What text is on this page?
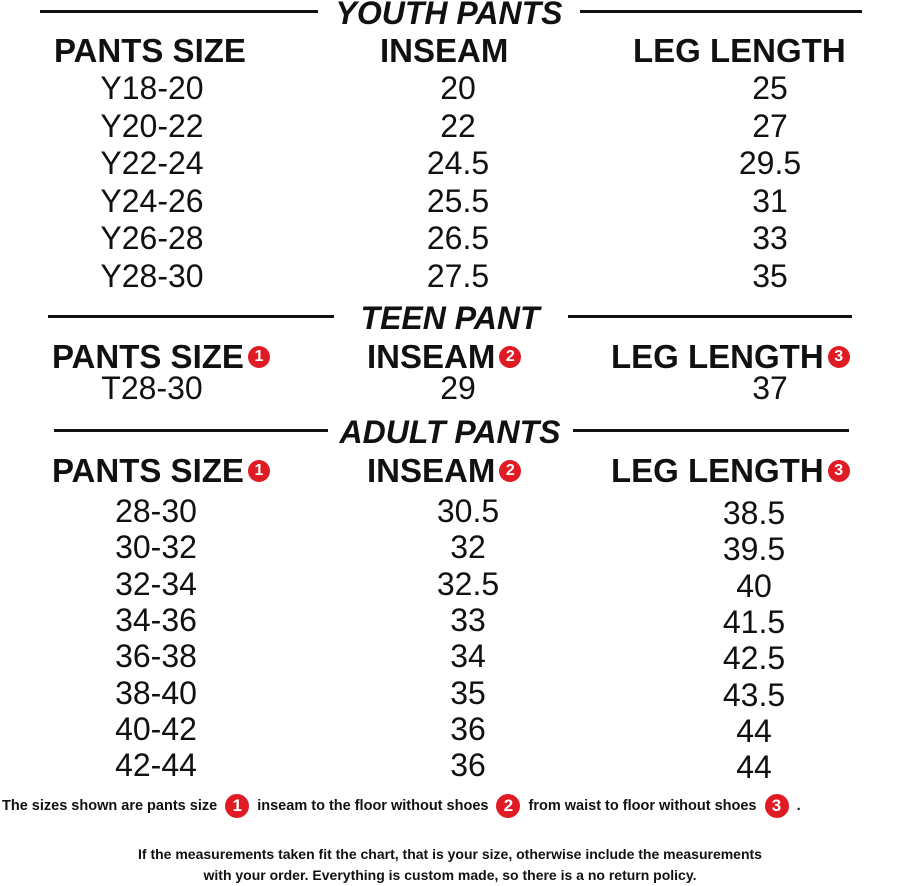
YOUTH PANTS
PANTS SIZE	INSEAM	LEG LENGTH
Y18-20	20	25
Y20-22	22	27
Y22-24	24.5	29.5
Y24-26	25.5	31
Y26-28	26.5	33
Y28-30	27.5	35
TEEN PANT
PANTS SIZE 1	INSEAM 2	LEG LENGTH 3
T28-30	29	37
ADULT PANTS
PANTS SIZE 1	INSEAM 2	LEG LENGTH 3
28-30	30.5	38.5
30-32	32	39.5
32-34	32.5	40
34-36	33	41.5
36-38	34	42.5
38-40	35	43.5
40-42	36	44
42-44	36	44
The sizes shown are pants size 1 inseam to the floor without shoes 2 from waist to floor without shoes 3 .
If the measurements taken fit the chart, that is your size, otherwise include the measurements
with your order. Everything is custom made, so there is a no return policy.
